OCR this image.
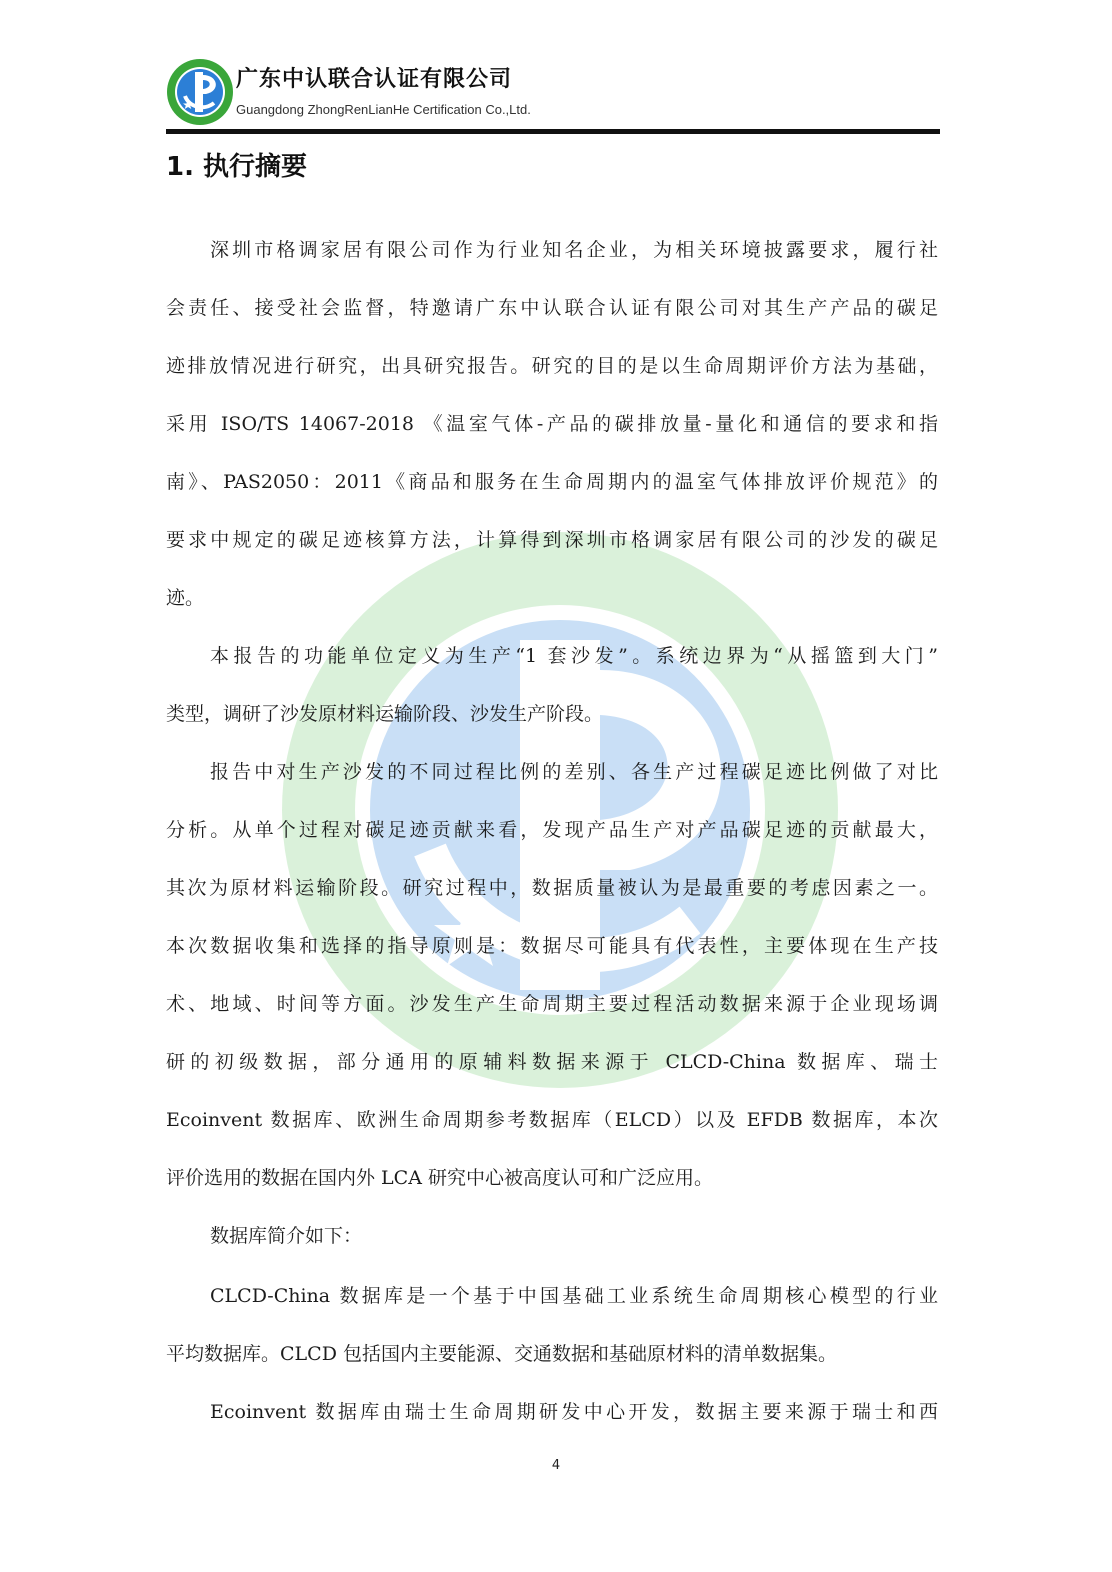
广东中认联合认证有限公司
Guangdong ZhongRenLianHe Certification Co.,Ltd.
1. 执行摘要
深圳市格调家居有限公司作为行业知名企业，为相关环境披露要求，履行社
会责任、接受社会监督，特邀请广东中认联合认证有限公司对其生产产品的碳足
迹排放情况进行研究，出具研究报告。研究的目的是以生命周期评价方法为基础，
采用 ISO/TS 14067-2018 《温室气体-产品的碳排放量-量化和通信的要求和指
南》、PAS2050：2011《商品和服务在生命周期内的温室气体排放评价规范》的
要求中规定的碳足迹核算方法，计算得到深圳市格调家居有限公司的沙发的碳足
迹。
本报告的功能单位定义为生产“1 套沙发”。系统边界为“从摇篮到大门”
类型，调研了沙发原材料运输阶段、沙发生产阶段。
报告中对生产沙发的不同过程比例的差别、各生产过程碳足迹比例做了对比
分析。从单个过程对碳足迹贡献来看，发现产品生产对产品碳足迹的贡献最大，
其次为原材料运输阶段。研究过程中，数据质量被认为是最重要的考虑因素之一。
本次数据收集和选择的指导原则是：数据尽可能具有代表性，主要体现在生产技
术、地域、时间等方面。沙发生产生命周期主要过程活动数据来源于企业现场调
研的初级数据，部分通用的原辅料数据来源于 CLCD-China 数据库、瑞士
Ecoinvent 数据库、欧洲生命周期参考数据库（ELCD）以及 EFDB 数据库，本次
评价选用的数据在国内外 LCA 研究中心被高度认可和广泛应用。
数据库简介如下：
CLCD-China 数据库是一个基于中国基础工业系统生命周期核心模型的行业
平均数据库。CLCD 包括国内主要能源、交通数据和基础原材料的清单数据集。
Ecoinvent 数据库由瑞士生命周期研发中心开发，数据主要来源于瑞士和西
4
